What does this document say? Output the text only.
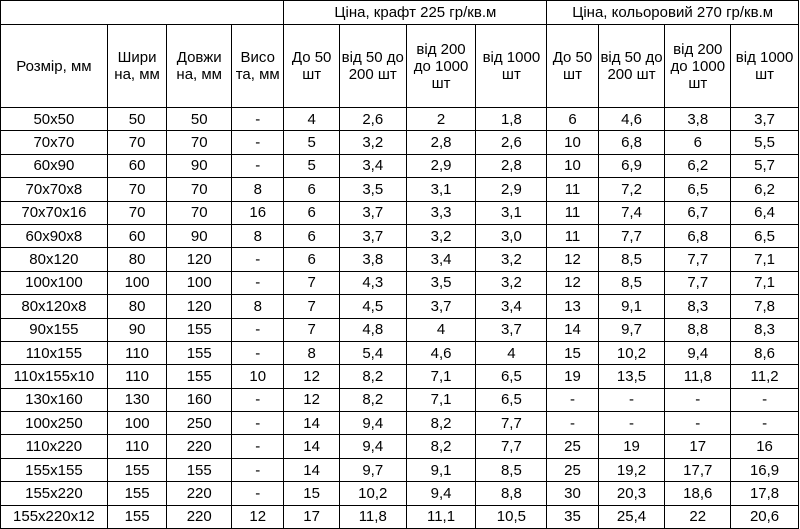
				Ціна, крафт 225 гр/кв.м				Ціна, кольоровий 270 гр/кв.м			
Розмір, мм	Шири на, мм	Довжи на, мм	Висо та, мм	До 50 шт	від 50 до 200 шт	від 200 до 1000 шт	від 1000 шт	До 50 шт	від 50 до 200 шт	від 200 до 1000 шт	від 1000 шт
50x50	50	50	-	4	2,6	2	1,8	6	4,6	3,8	3,7
70x70	70	70	-	5	3,2	2,8	2,6	10	6,8	6	5,5
60x90	60	90	-	5	3,4	2,9	2,8	10	6,9	6,2	5,7
70x70x8	70	70	8	6	3,5	3,1	2,9	11	7,2	6,5	6,2
70x70x16	70	70	16	6	3,7	3,3	3,1	11	7,4	6,7	6,4
60x90x8	60	90	8	6	3,7	3,2	3,0	11	7,7	6,8	6,5
80x120	80	120	-	6	3,8	3,4	3,2	12	8,5	7,7	7,1
100x100	100	100	-	7	4,3	3,5	3,2	12	8,5	7,7	7,1
80x120x8	80	120	8	7	4,5	3,7	3,4	13	9,1	8,3	7,8
90x155	90	155	-	7	4,8	4	3,7	14	9,7	8,8	8,3
110x155	110	155	-	8	5,4	4,6	4	15	10,2	9,4	8,6
110x155x10	110	155	10	12	8,2	7,1	6,5	19	13,5	11,8	11,2
130x160	130	160	-	12	8,2	7,1	6,5	-	-	-	-
100x250	100	250	-	14	9,4	8,2	7,7	-	-	-	-
110x220	110	220	-	14	9,4	8,2	7,7	25	19	17	16
155x155	155	155	-	14	9,7	9,1	8,5	25	19,2	17,7	16,9
155x220	155	220	-	15	10,2	9,4	8,8	30	20,3	18,6	17,8
155x220x12	155	220	12	17	11,8	11,1	10,5	35	25,4	22	20,6
